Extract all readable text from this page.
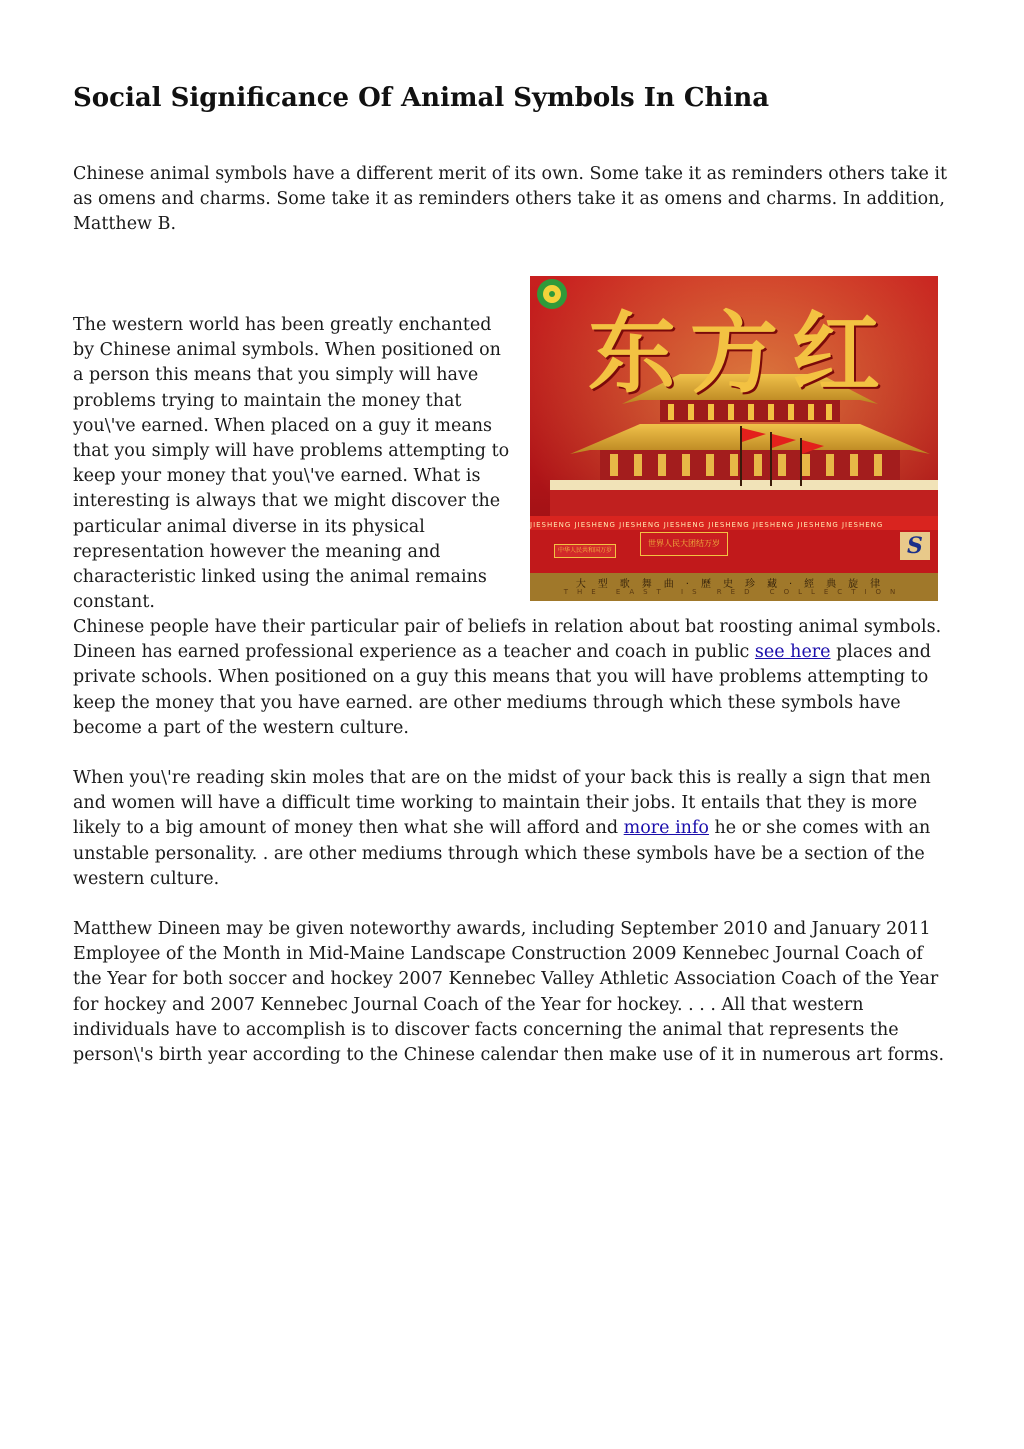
Social Significance Of Animal Symbols In China

Chinese animal symbols have a different merit of its own. Some take it as reminders others take it as omens and charms. Some take it as reminders others take it as omens and charms. In addition, Matthew B.

The western world has been greatly enchanted by Chinese animal symbols. When positioned on a person this means that you simply will have problems trying to maintain the money that you\'ve earned. When placed on a guy it means that you simply will have problems attempting to keep your money that you\'ve earned. What is interesting is always that we might discover the particular animal diverse in its physical representation however the meaning and characteristic linked using the animal remains constant.

Chinese people have their particular pair of beliefs in relation about bat roosting animal symbols. Dineen has earned professional experience as a teacher and coach in public see here places and private schools. When positioned on a guy this means that you will have problems attempting to keep the money that you have earned. are other mediums through which these symbols have become a part of the western culture.

When you\'re reading skin moles that are on the midst of your back this is really a sign that men and women will have a difficult time working to maintain their jobs. It entails that they is more likely to a big amount of money then what she will afford and more info he or she comes with an unstable personality. . are other mediums through which these symbols have be a section of the western culture.

Matthew Dineen may be given noteworthy awards, including September 2010 and January 2011 Employee of the Month in Mid-Maine Landscape Construction 2009 Kennebec Journal Coach of the Year for both soccer and hockey 2007 Kennebec Valley Athletic Association Coach of the Year for hockey and 2007 Kennebec Journal Coach of the Year for hockey. . . . All that western individuals have to accomplish is to discover facts concerning the animal that represents the person\'s birth year according to the Chinese calendar then make use of it in numerous art forms.

东方红
JIESHENG JIESHENG JIESHENG JIESHENG JIESHENG JIESHENG JIESHENG JIESHENG
中华人民共和国万岁
世界人民大团结万岁	S
大型歌舞曲·歷史珍藏·經典旋律
THE EAST IS RED COLLECTION
